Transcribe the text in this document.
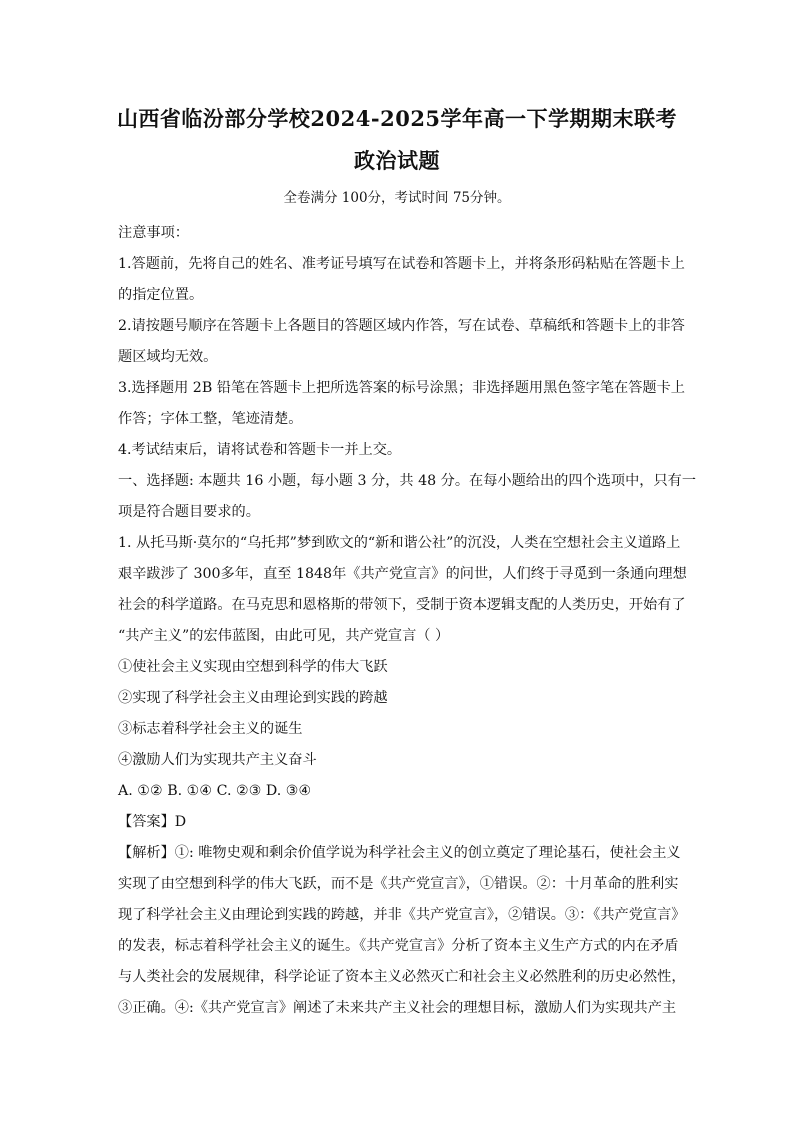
山西省临汾部分学校2024-2025学年高一下学期期末联考
政治试题
全卷满分 100分，考试时间 75分钟。
注意事项：
1.答题前，先将自己的姓名、准考证号填写在试卷和答题卡上，并将条形码粘贴在答题卡上
的指定位置。
2.请按题号顺序在答题卡上各题目的答题区域内作答，写在试卷、草稿纸和答题卡上的非答
题区域均无效。
3.选择题用 2B 铅笔在答题卡上把所选答案的标号涂黑；非选择题用黑色签字笔在答题卡上
作答；字体工整，笔迹清楚。
4.考试结束后，请将试卷和答题卡一并上交。
一、选择题: 本题共 16 小题，每小题 3 分，共 48 分。在每小题给出的四个选项中，只有一
项是符合题目要求的。
1. 从托马斯·莫尔的“乌托邦”梦到欧文的“新和谐公社”的沉没，人类在空想社会主义道路上
艰辛跋涉了 300多年，直至 1848年《共产党宣言》的问世，人们终于寻觅到一条通向理想
社会的科学道路。在马克思和恩格斯的带领下，受制于资本逻辑支配的人类历史，开始有了
“共产主义”的宏伟蓝图，由此可见，共产党宣言（ ）
①使社会主义实现由空想到科学的伟大飞跃
②实现了科学社会主义由理论到实践的跨越
③标志着科学社会主义的诞生
④激励人们为实现共产主义奋斗
A. ①② B. ①④ C. ②③ D. ③④
【答案】D
【解析】①: 唯物史观和剩余价值学说为科学社会主义的创立奠定了理论基石，使社会主义
实现了由空想到科学的伟大飞跃，而不是《共产党宣言》，①错误。②：十月革命的胜利实
现了科学社会主义由理论到实践的跨越，并非《共产党宣言》，②错误。③：《共产党宣言》
的发表，标志着科学社会主义的诞生。《共产党宣言》分析了资本主义生产方式的内在矛盾
与人类社会的发展规律，科学论证了资本主义必然灭亡和社会主义必然胜利的历史必然性，
③正确。④:《共产党宣言》阐述了未来共产主义社会的理想目标，激励人们为实现共产主
